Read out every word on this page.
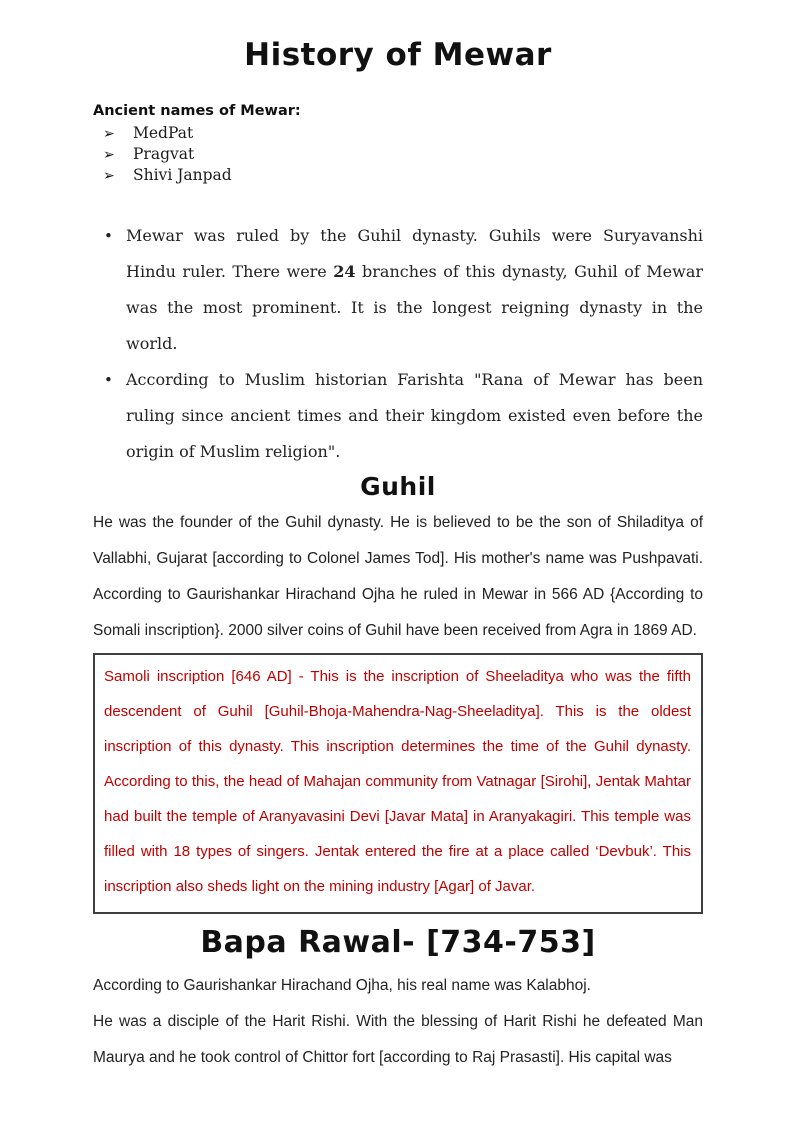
History of Mewar
Ancient names of Mewar:
➢ MedPat
➢ Pragvat
➢ Shivi Janpad
• Mewar was ruled by the Guhil dynasty. Guhils were Suryavanshi Hindu ruler. There were 24 branches of this dynasty, Guhil of Mewar was the most prominent. It is the longest reigning dynasty in the world.
• According to Muslim historian Farishta "Rana of Mewar has been ruling since ancient times and their kingdom existed even before the origin of Muslim religion".
Guhil

He was the founder of the Guhil dynasty. He is believed to be the son of Shiladitya of Vallabhi, Gujarat [according to Colonel James Tod]. His mother's name was Pushpavati. According to Gaurishankar Hirachand Ojha he ruled in Mewar in 566 AD {According to Somali inscription}. 2000 silver coins of Guhil have been received from Agra in 1869 AD.

Samoli inscription [646 AD] - This is the inscription of Sheeladitya who was the fifth descendent of Guhil [Guhil-Bhoja-Mahendra-Nag-Sheeladitya]. This is the oldest inscription of this dynasty. This inscription determines the time of the Guhil dynasty. According to this, the head of Mahajan community from Vatnagar [Sirohi], Jentak Mahtar had built the temple of Aranyavasini Devi [Javar Mata] in Aranyakagiri. This temple was filled with 18 types of singers. Jentak entered the fire at a place called ‘Devbuk’. This inscription also sheds light on the mining industry [Agar] of Javar.

Bapa Rawal- [734-753]

According to Gaurishankar Hirachand Ojha, his real name was Kalabhoj.

He was a disciple of the Harit Rishi. With the blessing of Harit Rishi he defeated Man Maurya and he took control of Chittor fort [according to Raj Prasasti]. His capital was
